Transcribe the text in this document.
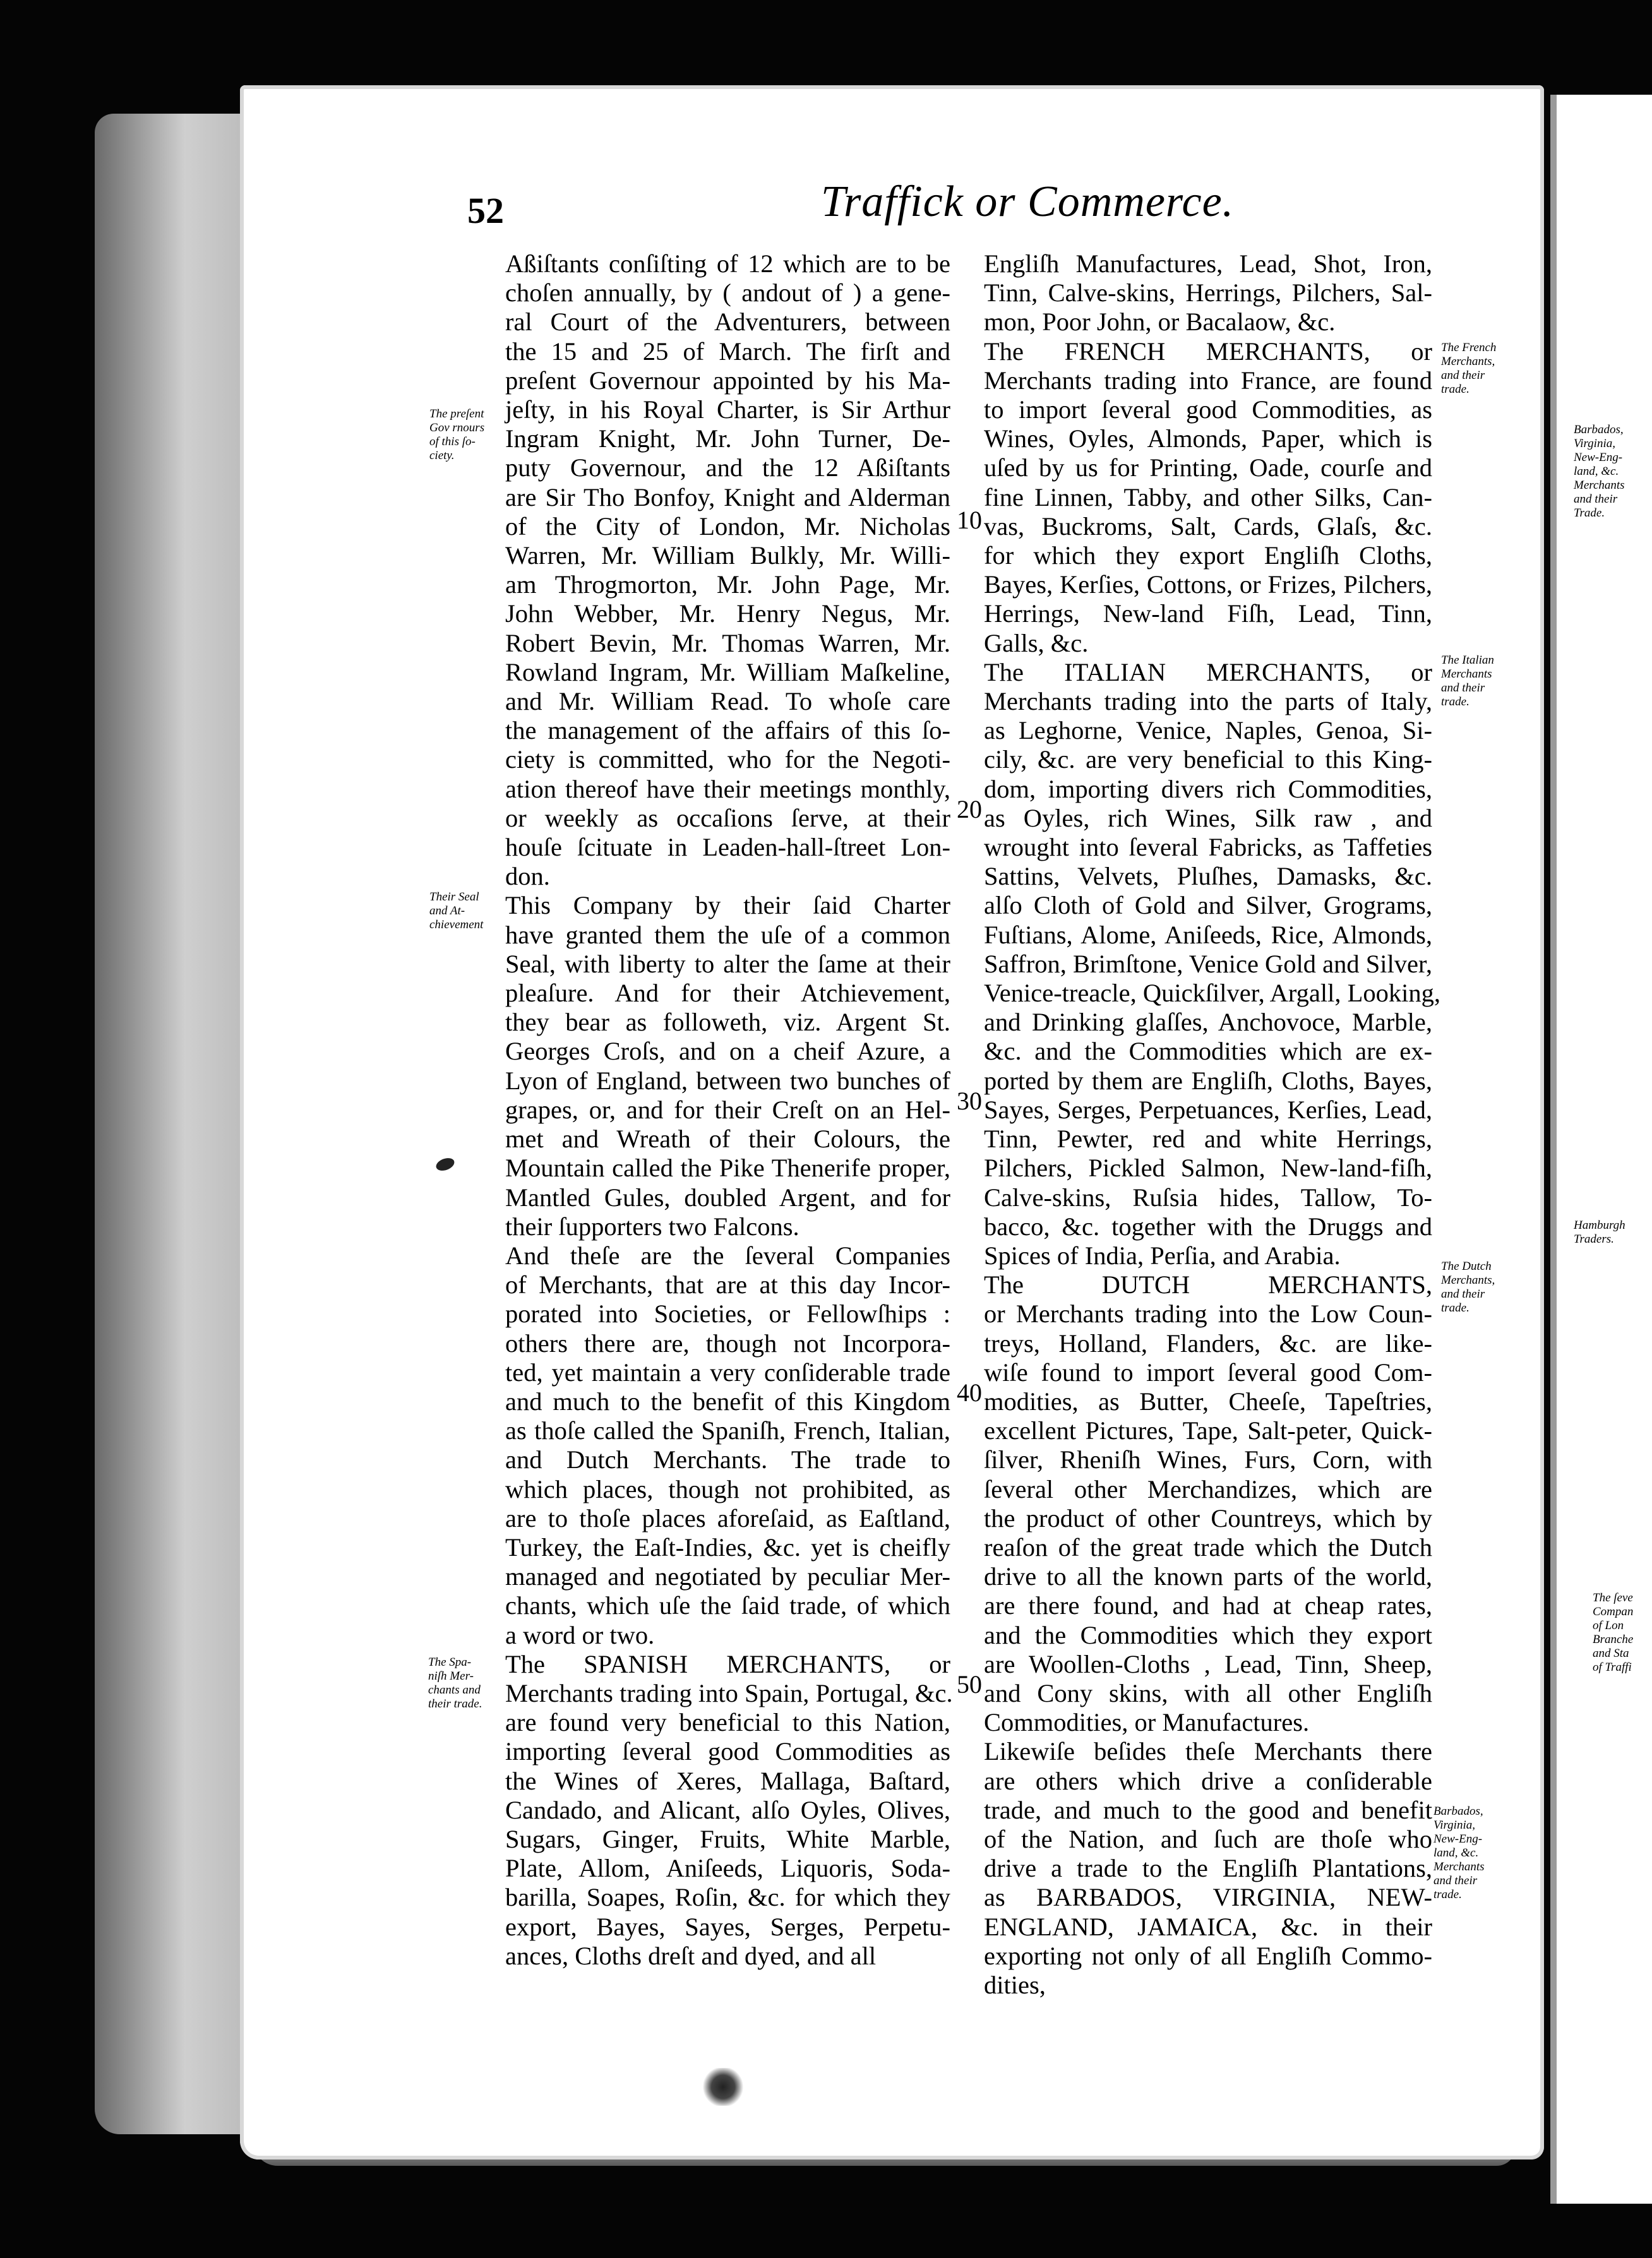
52	Traffick or Commerce.
Aßiſtants conſiſting of 12 which are to be
choſen annually, by ( andout of ) a gene-
ral Court of the Adventurers, between
the 15 and 25 of March. The firſt and
preſent Governour appointed by his Ma-
jeſty, in his Royal Charter, is Sir Arthur
Ingram Knight, Mr. John Turner, De-
puty Governour, and the 12 Aßiſtants
are Sir Tho Bonfoy, Knight and Alderman
of the City of London, Mr. Nicholas
Warren, Mr. William Bulkly, Mr. Willi-
am Throgmorton, Mr. John Page, Mr.
John Webber, Mr. Henry Negus, Mr.
Robert Bevin, Mr. Thomas Warren, Mr.
Rowland Ingram, Mr. William Maſkeline,
and Mr. William Read. To whoſe care
the management of the affairs of this ſo-
ciety is committed, who for the Negoti-
ation thereof have their meetings monthly,
or weekly as occaſions ſerve, at their
houſe ſcituate in Leaden-hall-ſtreet Lon-
don.
This Company by their ſaid Charter
have granted them the uſe of a common
Seal, with liberty to alter the ſame at their
pleaſure. And for their Atchievement,
they bear as followeth, viz. Argent St.
Georges Croſs, and on a cheif Azure, a
Lyon of England, between two bunches of
grapes, or, and for their Creſt on an Hel-
met and Wreath of their Colours, the
Mountain called the Pike Thenerife proper,
Mantled Gules, doubled Argent, and for
their ſupporters two Falcons.
And theſe are the ſeveral Companies
of Merchants, that are at this day Incor-
porated into Societies, or Fellowſhips :
others there are, though not Incorpora-
ted, yet maintain a very conſiderable trade
and much to the benefit of this Kingdom
as thoſe called the Spaniſh, French, Italian,
and Dutch Merchants. The trade to
which places, though not prohibited, as
are to thoſe places aforeſaid, as Eaſtland,
Turkey, the Eaſt-Indies, &c. yet is cheifly
managed and negotiated by peculiar Mer-
chants, which uſe the ſaid trade, of which
a word or two.
The SPANISH MERCHANTS, or
Merchants trading into Spain, Portugal, &c.
are found very beneficial to this Nation,
importing ſeveral good Commodities as
the Wines of Xeres, Mallaga, Baſtard,
Candado, and Alicant, alſo Oyles, Olives,
Sugars, Ginger, Fruits, White Marble,
Plate, Allom, Aniſeeds, Liquoris, Soda-
barilla, Soapes, Roſin, &c. for which they
export, Bayes, Sayes, Serges, Perpetu-
ances, Cloths dreſt and dyed, and all
Engliſh Manufactures, Lead, Shot, Iron,
Tinn, Calve-skins, Herrings, Pilchers, Sal-
mon, Poor John, or Bacalaow, &c.
The FRENCH MERCHANTS, or
Merchants trading into France, are found
to import ſeveral good Commodities, as
Wines, Oyles, Almonds, Paper, which is
uſed by us for Printing, Oade, courſe and
fine Linnen, Tabby, and other Silks, Can-
vas, Buckroms, Salt, Cards, Glaſs, &c.
for which they export Engliſh Cloths,
Bayes, Kerſies, Cottons, or Frizes, Pilchers,
Herrings, New-land Fiſh, Lead, Tinn,
Galls, &c.
The ITALIAN MERCHANTS, or
Merchants trading into the parts of Italy,
as Leghorne, Venice, Naples, Genoa, Si-
cily, &c. are very beneficial to this King-
dom, importing divers rich Commodities,
as Oyles, rich Wines, Silk raw , and
wrought into ſeveral Fabricks, as Taffeties
Sattins, Velvets, Pluſhes, Damasks, &c.
alſo Cloth of Gold and Silver, Grograms,
Fuſtians, Alome, Aniſeeds, Rice, Almonds,
Saffron, Brimſtone, Venice Gold and Silver,
Venice-treacle, Quickſilver, Argall, Looking,
and Drinking glaſſes, Anchovoce, Marble,
&c. and the Commodities which are ex-
ported by them are Engliſh, Cloths, Bayes,
Sayes, Serges, Perpetuances, Kerſies, Lead,
Tinn, Pewter, red and white Herrings,
Pilchers, Pickled Salmon, New-land-fiſh,
Calve-skins, Ruſsia hides, Tallow, To-
bacco, &c. together with the Druggs and
Spices of India, Perſia, and Arabia.
The DUTCH MERCHANTS,
or Merchants trading into the Low Coun-
treys, Holland, Flanders, &c. are like-
wiſe found to import ſeveral good Com-
modities, as Butter, Cheeſe, Tapeſtries,
excellent Pictures, Tape, Salt-peter, Quick-
ſilver, Rheniſh Wines, Furs, Corn, with
ſeveral other Merchandizes, which are
the product of other Countreys, which by
reaſon of the great trade which the Dutch
drive to all the known parts of the world,
are there found, and had at cheap rates,
and the Commodities which they export
are Woollen-Cloths , Lead, Tinn, Sheep,
and Cony skins, with all other Engliſh
Commodities, or Manufactures.
Likewiſe beſides theſe Merchants there
are others which drive a conſiderable
trade, and much to the good and benefit
of the Nation, and ſuch are thoſe who
drive a trade to the Engliſh Plantations,
as BARBADOS, VIRGINIA, NEW-
ENGLAND, JAMAICA, &c. in their
exporting not only of all Engliſh Commo-
dities,
10
20
30
40
50
The preſent
Gov rnours
of this ſo-
ciety.
Their Seal
and At-
chievement
The Spa-
niſh Mer-
chants and
their trade.
The French
Merchants,
and their
trade.
The Italian
Merchants
and their
trade.
The Dutch
Merchants,
and their
trade.
Barbados,
Virginia,
New-Eng-
land, &c.
Merchants
and their
trade.
Barbados,
Virginia,
New-Eng-
land, &c.
Merchants
and their
Trade.
Hamburgh
Traders.
The ſeve
Compan
of Lon
Branche
and Sta
of Traffi
